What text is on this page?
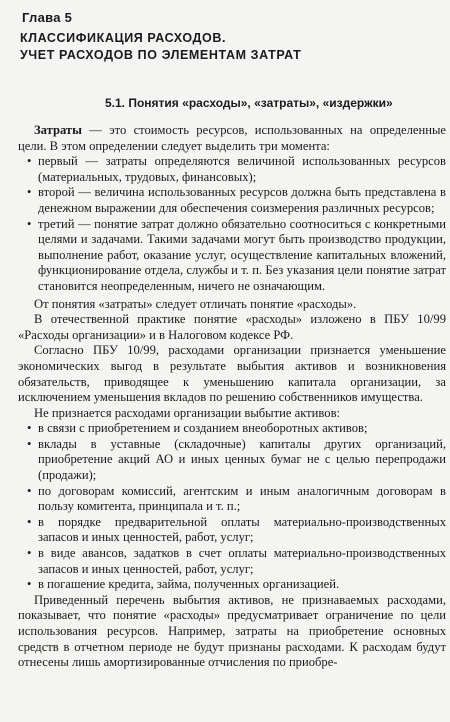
Глава 5
КЛАССИФИКАЦИЯ РАСХОДОВ.
УЧЕТ РАСХОДОВ ПО ЭЛЕМЕНТАМ ЗАТРАТ
5.1. Понятия «расходы», «затраты», «издержки»

Затраты — это стоимость ресурсов, использованных на определенные цели. В этом определении следует выделить три момента:

• первый — затраты определяются величиной использованных ресурсов (материальных, трудовых, финансовых);
• второй — величина использованных ресурсов должна быть представлена в денежном выражении для обеспечения соизмерения различных ресурсов;
• третий — понятие затрат должно обязательно соотноситься с конкретными целями и задачами. Такими задачами могут быть производство продукции, выполнение работ, оказание услуг, осуществление капитальных вложений, функционирование отдела, службы и т. п. Без указания цели понятие затрат становится неопределенным, ничего не означающим.

От понятия «затраты» следует отличать понятие «расходы».

В отечественной практике понятие «расходы» изложено в ПБУ 10/99 «Расходы организации» и в Налоговом кодексе РФ.

Согласно ПБУ 10/99, расходами организации признается уменьшение экономических выгод в результате выбытия активов и возникновения обязательств, приводящее к уменьшению капитала организации, за исключением уменьшения вкладов по решению собственников имущества.

Не признается расходами организации выбытие активов:

• в связи с приобретением и созданием внеоборотных активов;
• вклады в уставные (складочные) капиталы других организаций, приобретение акций АО и иных ценных бумаг не с целью перепродажи (продажи);
• по договорам комиссий, агентским и иным аналогичным договорам в пользу комитента, принципала и т. п.;
• в порядке предварительной оплаты материально-производственных запасов и иных ценностей, работ, услуг;
• в виде авансов, задатков в счет оплаты материально-производственных запасов и иных ценностей, работ, услуг;
• в погашение кредита, займа, полученных организацией.

Приведенный перечень выбытия активов, не признаваемых расходами, показывает, что понятие «расходы» предусматривает ограничение по цели использования ресурсов. Например, затраты на приобретение основных средств в отчетном периоде не будут признаны расходами. К расходам будут отнесены лишь амортизированные отчисления по приобре-
